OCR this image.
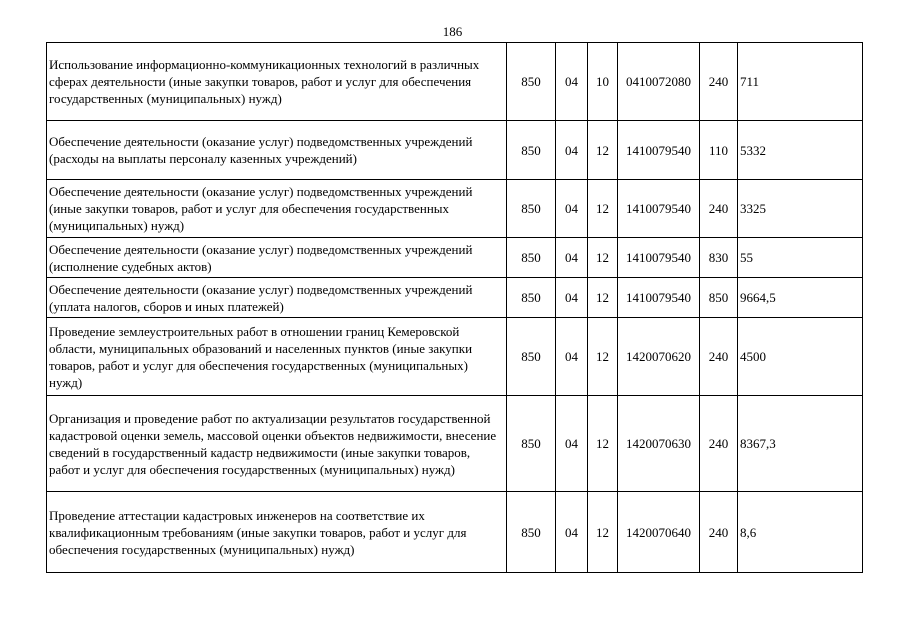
186
Использование информационно-коммуникационных технологий в различных сферах деятельности (иные закупки товаров, работ и услуг для обеспечения государственных (муниципальных) нужд)	850	04	10	0410072080	240	711
Обеспечение деятельности (оказание услуг) подведомственных учреждений (расходы на выплаты персоналу казенных учреждений)	850	04	12	1410079540	110	5332
Обеспечение деятельности (оказание услуг) подведомственных учреждений (иные закупки товаров, работ и услуг для обеспечения государственных (муниципальных) нужд)	850	04	12	1410079540	240	3325
Обеспечение деятельности (оказание услуг) подведомственных учреждений (исполнение судебных актов)	850	04	12	1410079540	830	55
Обеспечение деятельности (оказание услуг) подведомственных учреждений (уплата налогов, сборов и иных платежей)	850	04	12	1410079540	850	9664,5
Проведение землеустроительных работ в отношении границ Кемеровской области, муниципальных образований и населенных пунктов (иные закупки товаров, работ и услуг для обеспечения государственных (муниципальных) нужд)	850	04	12	1420070620	240	4500
Организация и проведение работ по актуализации результатов государственной кадастровой оценки земель, массовой оценки объектов недвижимости, внесение сведений в государственный кадастр недвижимости (иные закупки товаров, работ и услуг для обеспечения государственных (муниципальных) нужд)	850	04	12	1420070630	240	8367,3
Проведение аттестации кадастровых инженеров на соответствие их квалификационным требованиям (иные закупки товаров, работ и услуг для обеспечения государственных (муниципальных) нужд)	850	04	12	1420070640	240	8,6
